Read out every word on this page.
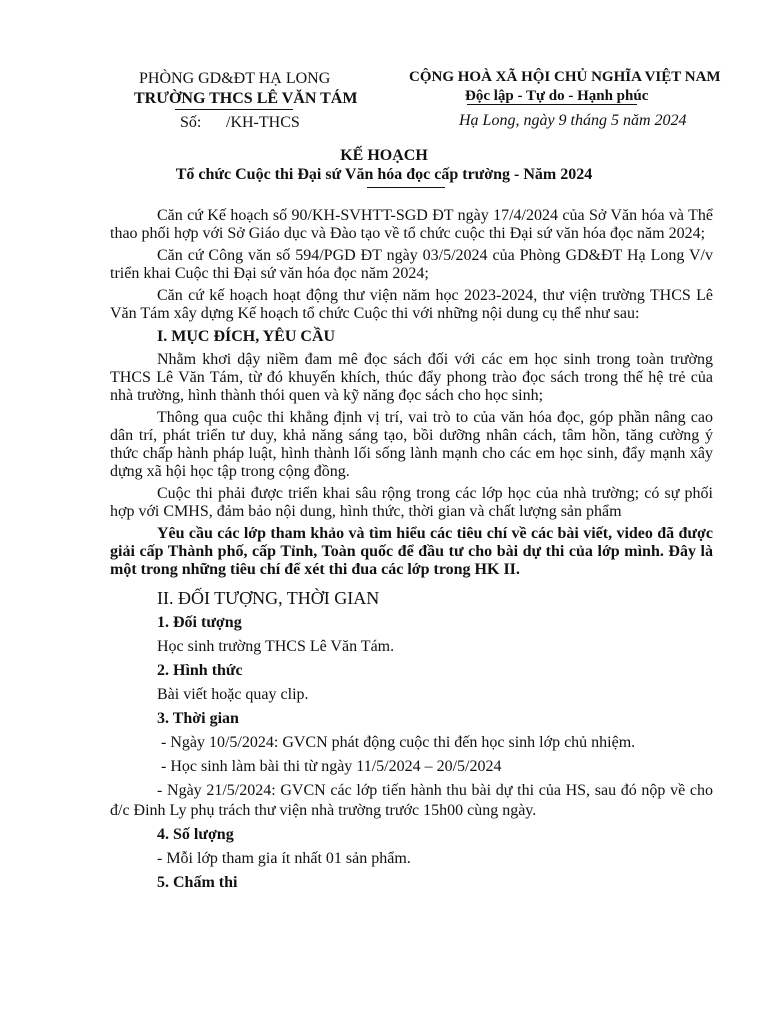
PHÒNG GD&ĐT HẠ LONG
TRƯỜNG THCS LÊ VĂN TÁM
Số: /KH-THCS
CỘNG HOÀ XÃ HỘI CHỦ NGHĨA VIỆT NAM
Độc lập - Tự do - Hạnh phúc
Hạ Long, ngày 9 tháng 5 năm 2024
KẾ HOẠCH
Tổ chức Cuộc thi Đại sứ Văn hóa đọc cấp trường - Năm 2024

Căn cứ Kế hoạch số 90/KH-SVHTT-SGD ĐT ngày 17/4/2024 của Sở Văn hóa và Thể thao phối hợp với Sở Giáo dục và Đào tạo về tổ chức cuộc thi Đại sứ văn hóa đọc năm 2024;

Căn cứ Công văn số 594/PGD ĐT ngày 03/5/2024 của Phòng GD&ĐT Hạ Long V/v triển khai Cuộc thi Đại sứ văn hóa đọc năm 2024;

Căn cứ kế hoạch hoạt động thư viện năm học 2023-2024, thư viện trường THCS Lê Văn Tám xây dựng Kế hoạch tổ chức Cuộc thi với những nội dung cụ thể như sau:

I. MỤC ĐÍCH, YÊU CẦU

Nhằm khơi dậy niềm đam mê đọc sách đối với các em học sinh trong toàn trường THCS Lê Văn Tám, từ đó khuyến khích, thúc đẩy phong trào đọc sách trong thế hệ trẻ của nhà trường, hình thành thói quen và kỹ năng đọc sách cho học sinh;

Thông qua cuộc thi khẳng định vị trí, vai trò to của văn hóa đọc, góp phần nâng cao dân trí, phát triển tư duy, khả năng sáng tạo, bồi dưỡng nhân cách, tâm hồn, tăng cường ý thức chấp hành pháp luật, hình thành lối sống lành mạnh cho các em học sinh, đẩy mạnh xây dựng xã hội học tập trong cộng đồng.

Cuộc thi phải được triển khai sâu rộng trong các lớp học của nhà trường; có sự phối hợp với CMHS, đảm bảo nội dung, hình thức, thời gian và chất lượng sản phẩm

Yêu cầu các lớp tham khảo và tìm hiểu các tiêu chí về các bài viết, video đã được giải cấp Thành phố, cấp Tỉnh, Toàn quốc để đầu tư cho bài dự thi của lớp mình. Đây là một trong những tiêu chí để xét thi đua các lớp trong HK II.

II. ĐỐI TƯỢNG, THỜI GIAN

1. Đối tượng

Học sinh trường THCS Lê Văn Tám.

2. Hình thức

Bài viết hoặc quay clip.

3. Thời gian

- Ngày 10/5/2024: GVCN phát động cuộc thi đến học sinh lớp chủ nhiệm.

- Học sinh làm bài thi từ ngày 11/5/2024 – 20/5/2024

- Ngày 21/5/2024: GVCN các lớp tiến hành thu bài dự thi của HS, sau đó nộp về cho đ/c Đinh Ly phụ trách thư viện nhà trường trước 15h00 cùng ngày.

4. Số lượng

- Mỗi lớp tham gia ít nhất 01 sản phẩm.

5. Chấm thi
